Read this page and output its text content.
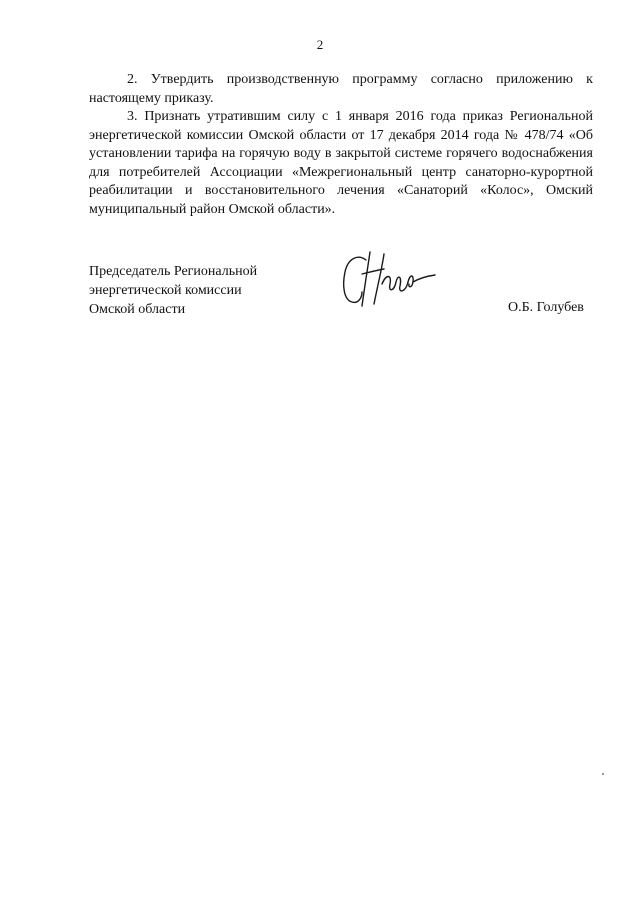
2

2. Утвердить производственную программу согласно приложению к настоящему приказу.

3. Признать утратившим силу с 1 января 2016 года приказ Региональной энергетической комиссии Омской области от 17 декабря 2014 года № 478/74 «Об установлении тарифа на горячую воду в закрытой системе горячего водоснабжения для потребителей Ассоциации «Межрегиональный центр санаторно-курортной реабилитации и восстановительного лечения «Санаторий «Колос», Омский муниципальный район Омской области».

Председатель Региональной
энергетической комиссии
Омской области	О.Б. Голубев
